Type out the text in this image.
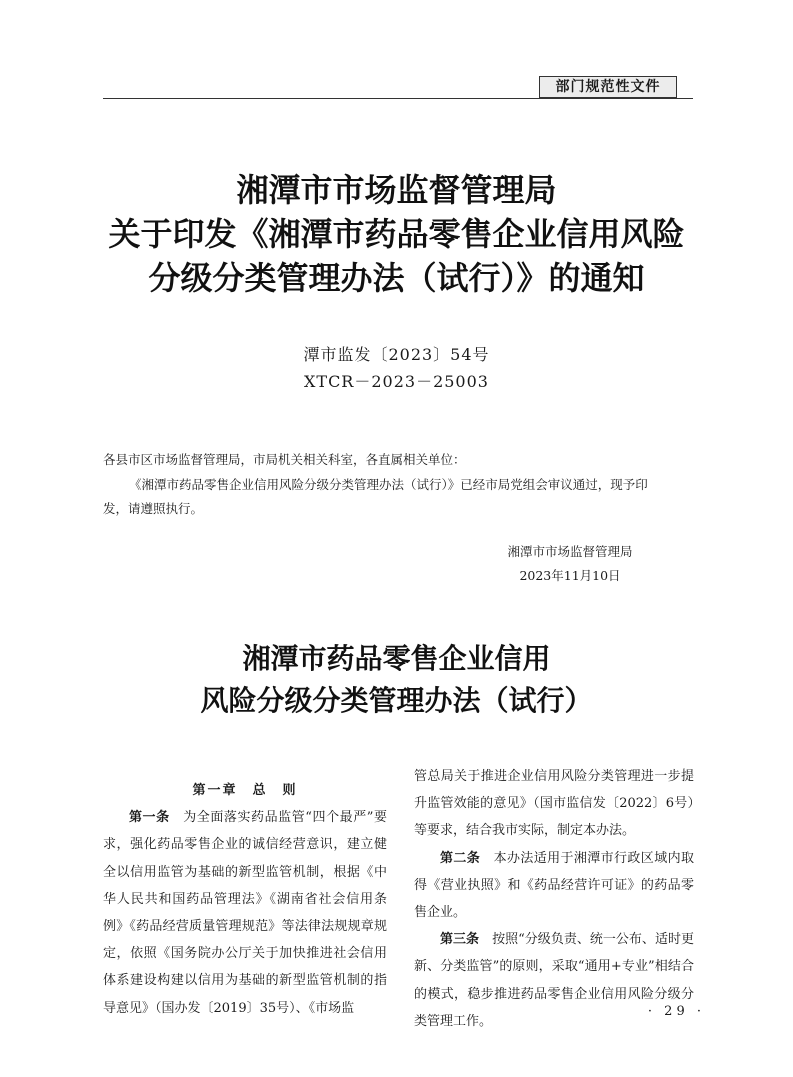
部门规范性文件
湘潭市市场监督管理局
关于印发《湘潭市药品零售企业信用风险
分级分类管理办法（试行）》的通知
潭市监发〔2023〕54号
XTCR－2023－25003
各县市区市场监督管理局，市局机关相关科室，各直属相关单位：
《湘潭市药品零售企业信用风险分级分类管理办法（试行）》已经市局党组会审议通过，现予印
发，请遵照执行。
湘潭市市场监督管理局
2023年11月10日
湘潭市药品零售企业信用
风险分级分类管理办法（试行）

第一章　总　则

第一条　 为全面落实药品监管“四个最严”要求，强化药品零售企业的诚信经营意识，建立健全以信用监管为基础的新型监管机制，根据《中华人民共和国药品管理法》《湖南省社会信用条例》《药品经营质量管理规范》等法律法规规章规定，依照《国务院办公厅关于加快推进社会信用体系建设构建以信用为基础的新型监管机制的指导意见》（国办发〔2019〕35号）、《市场监

管总局关于推进企业信用风险分类管理进一步提升监管效能的意见》（国市监信发〔2022〕6号）等要求，结合我市实际，制定本办法。

第二条　 本办法适用于湘潭市行政区域内取得《营业执照》和《药品经营许可证》的药品零售企业。

第三条　 按照“分级负责、统一公布、适时更新、分类监管”的原则，采取“通用+专业”相结合的模式，稳步推进药品零售企业信用风险分级分类管理工作。

· 29 ·
